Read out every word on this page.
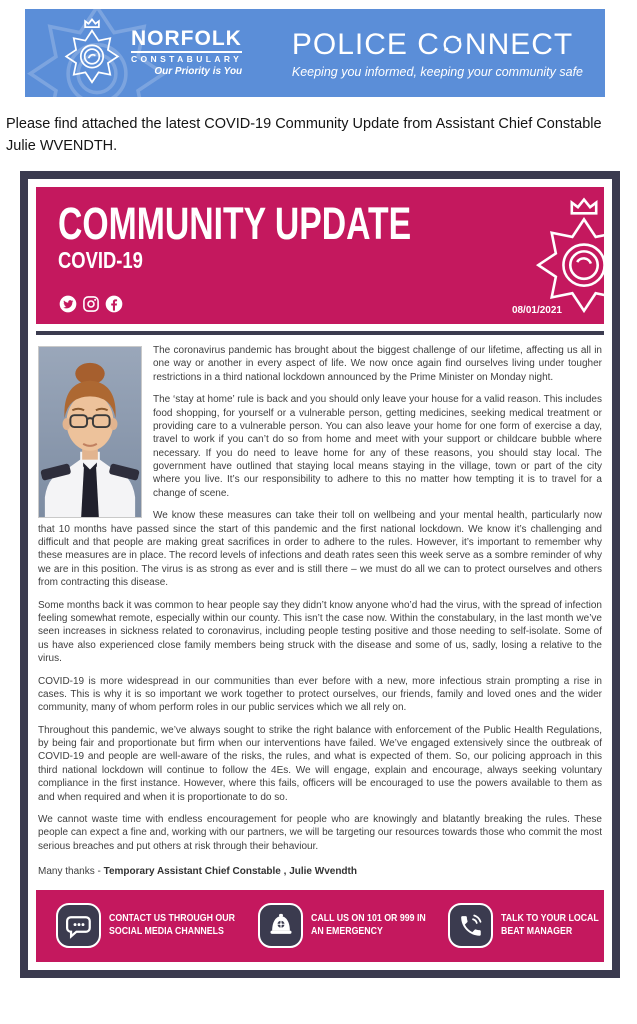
NORFOLK
CONSTABULARY
Our Priority is You
POLICE C NNECT
Keeping you informed, keeping your community safe

Please find attached the latest COVID-19 Community Update from Assistant Chief Constable Julie WVENDTH.

COMMUNITY UPDATE
COVID-19
08/01/2021

The coronavirus pandemic has brought about the biggest challenge of our lifetime, affecting us all in one way or another in every aspect of life. We now once again find ourselves living under tougher restrictions in a third national lockdown announced by the Prime Minister on Monday night.

The ‘stay at home’ rule is back and you should only leave your house for a valid reason. This includes food shopping, for yourself or a vulnerable person, getting medicines, seeking medical treatment or providing care to a vulnerable person. You can also leave your home for one form of exercise a day, travel to work if you can’t do so from home and meet with your support or childcare bubble where necessary. If you do need to leave home for any of these reasons, you should stay local. The government have outlined that staying local means staying in the village, town or part of the city where you live. It’s our responsibility to adhere to this no matter how tempting it is to travel for a change of scene.

We know these measures can take their toll on wellbeing and your mental health, particularly now that 10 months have passed since the start of this pandemic and the first national lockdown. We know it’s challenging and difficult and that people are making great sacrifices in order to adhere to the rules. However, it’s important to remember why these measures are in place. The record levels of infections and death rates seen this week serve as a sombre reminder of why we are in this position. The virus is as strong as ever and is still there – we must do all we can to protect ourselves and others from contracting this disease.

Some months back it was common to hear people say they didn’t know anyone who’d had the virus, with the spread of infection feeling somewhat remote, especially within our county. This isn’t the case now. Within the constabulary, in the last month we’ve seen increases in sickness related to coronavirus, including people testing positive and those needing to self-isolate. Some of us have also experienced close family members being struck with the disease and some of us, sadly, losing a relative to the virus.

COVID-19 is more widespread in our communities than ever before with a new, more infectious strain prompting a rise in cases. This is why it is so important we work together to protect ourselves, our friends, family and loved ones and the wider community, many of whom perform roles in our public services which we all rely on.

Throughout this pandemic, we’ve always sought to strike the right balance with enforcement of the Public Health Regulations, by being fair and proportionate but firm when our interventions have failed. We’ve engaged extensively since the outbreak of COVID-19 and people are well-aware of the risks, the rules, and what is expected of them. So, our policing approach in this third national lockdown will continue to follow the 4Es. We will engage, explain and encourage, always seeking voluntary compliance in the first instance. However, where this fails, officers will be encouraged to use the powers available to them as and when required and when it is proportionate to do so.

We cannot waste time with endless encouragement for people who are knowingly and blatantly breaking the rules. These people can expect a fine and, working with our partners, we will be targeting our resources towards those who commit the most serious breaches and put others at risk through their behaviour.

Many thanks - Temporary Assistant Chief Constable , Julie Wvendth

CONTACT US THROUGH OUR
SOCIAL MEDIA CHANNELS
CALL US ON 101 OR 999 IN
AN EMERGENCY
TALK TO YOUR LOCAL
BEAT MANAGER
